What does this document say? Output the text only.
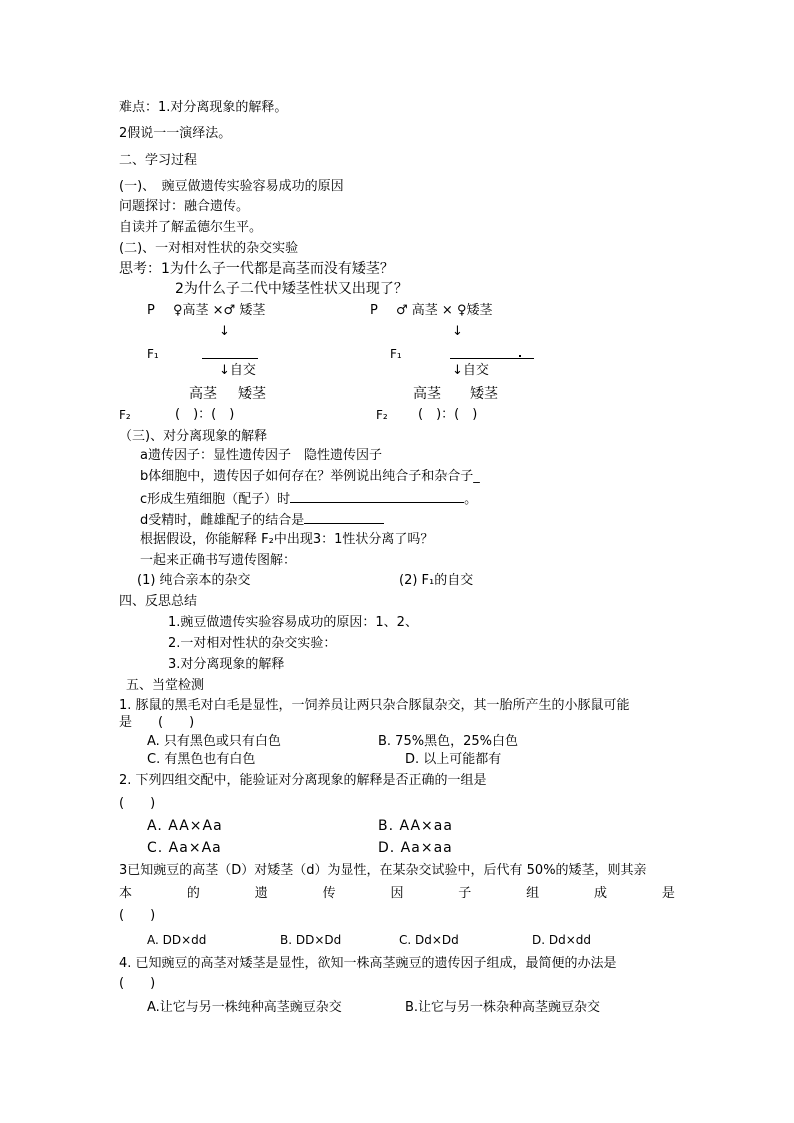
难点：1.对分离现象的解释。
2假说一一演绎法。
二、学习过程
(一)、　豌豆做遗传实验容易成功的原因
问题探讨：融合遗传。
自读并了解孟德尔生平。
(二)、一对相对性状的杂交实验
思考：1为什么子一代都是高茎而没有矮茎？
2为什么子二代中矮茎性状又出现了？
P ♀高茎 ×♂ 矮茎
↓
F₁
↓自交
高茎 矮茎
F₂	(　)：(　)
P ♂ 高茎 × ♀矮茎
↓
F₁
↓自交
高茎 矮茎
F₂ (　)：(　)
（三)、对分离现象的解释
a遗传因子：显性遗传因子　隐性遗传因子
b体细胞中，遗传因子如何存在？举例说出纯合子和杂合子_
c形成生殖细胞（配子）时	。
d受精时，雌雄配子的结合是
根据假设，你能解释 F₂中出现3：1性状分离了吗？
一起来正确书写遗传图解：
(1) 纯合亲本的杂交	(2) F₁的自交
四、反思总结
1.豌豆做遗传实验容易成功的原因：1、2、
2.一对相对性状的杂交实验：
3.对分离现象的解释
五、当堂检测
1. 豚鼠的黑毛对白毛是显性，一饲养员让两只杂合豚鼠杂交，其一胎所产生的小豚鼠可能
是　　(　　)
A. 只有黑色或只有白色	B. 75%黑色，25%白色
C. 有黑色也有白色	D. 以上可能都有
2. 下列四组交配中，能验证对分离现象的解释是否正确的一组是
(　　)
A. AA×Aa	B. AA×aa
C. Aa×Aa	D. Aa×aa
3已知豌豆的高茎（D）对矮茎（d）为显性，在某杂交试验中，后代有 50%的矮茎，则其亲
本	的	遗	传	因	子	组	成	是
(　　)
A. DD×dd	B. DD×Dd	C. Dd×Dd	D. Dd×dd
4. 已知豌豆的高茎对矮茎是显性，欲知一株高茎豌豆的遗传因子组成，最简便的办法是
(　　)
A.让它与另一株纯种高茎豌豆杂交	B.让它与另一株杂种高茎豌豆杂交
